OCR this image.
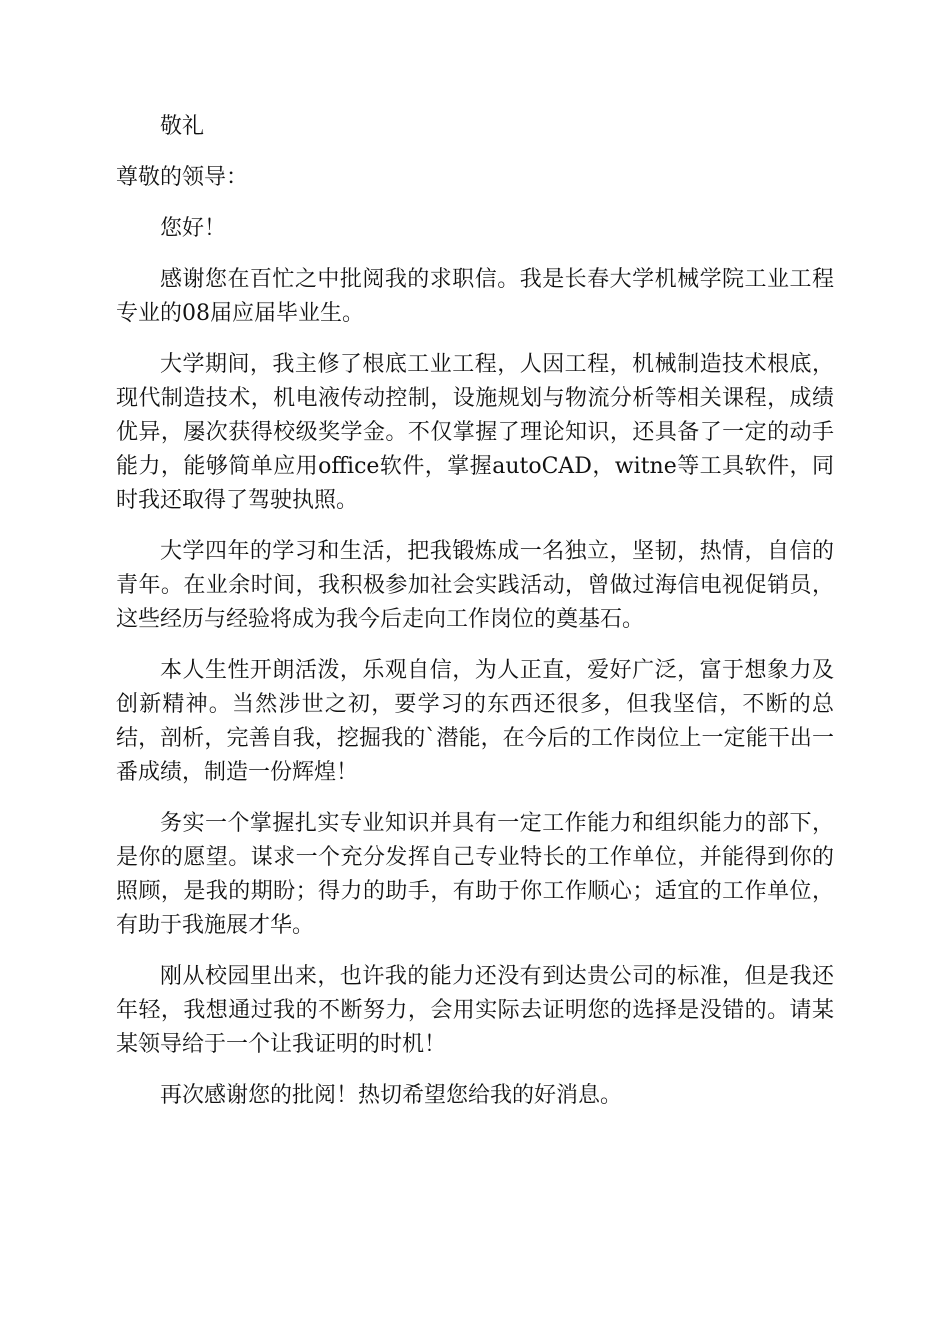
敬礼

尊敬的领导：

您好！

感谢您在百忙之中批阅我的求职信。我是长春大学机械学院工业工程专业的08届应届毕业生。

大学期间，我主修了根底工业工程，人因工程，机械制造技术根底，现代制造技术，机电液传动控制，设施规划与物流分析等相关课程，成绩优异，屡次获得校级奖学金。不仅掌握了理论知识，还具备了一定的动手能力，能够简单应用office软件，掌握autoCAD，witne等工具软件，同时我还取得了驾驶执照。

大学四年的学习和生活，把我锻炼成一名独立，坚韧，热情，自信的青年。在业余时间，我积极参加社会实践活动，曾做过海信电视促销员，这些经历与经验将成为我今后走向工作岗位的奠基石。

本人生性开朗活泼，乐观自信，为人正直，爱好广泛，富于想象力及创新精神。当然涉世之初，要学习的东西还很多，但我坚信，不断的总结，剖析，完善自我，挖掘我的`潜能，在今后的工作岗位上一定能干出一番成绩，制造一份辉煌！

务实一个掌握扎实专业知识并具有一定工作能力和组织能力的部下，是你的愿望。谋求一个充分发挥自己专业特长的工作单位，并能得到你的照顾，是我的期盼；得力的助手，有助于你工作顺心；适宜的工作单位，有助于我施展才华。

刚从校园里出来，也许我的能力还没有到达贵公司的标准，但是我还年轻，我想通过我的不断努力，会用实际去证明您的选择是没错的。请某某领导给于一个让我证明的时机！

再次感谢您的批阅！热切希望您给我的好消息。
